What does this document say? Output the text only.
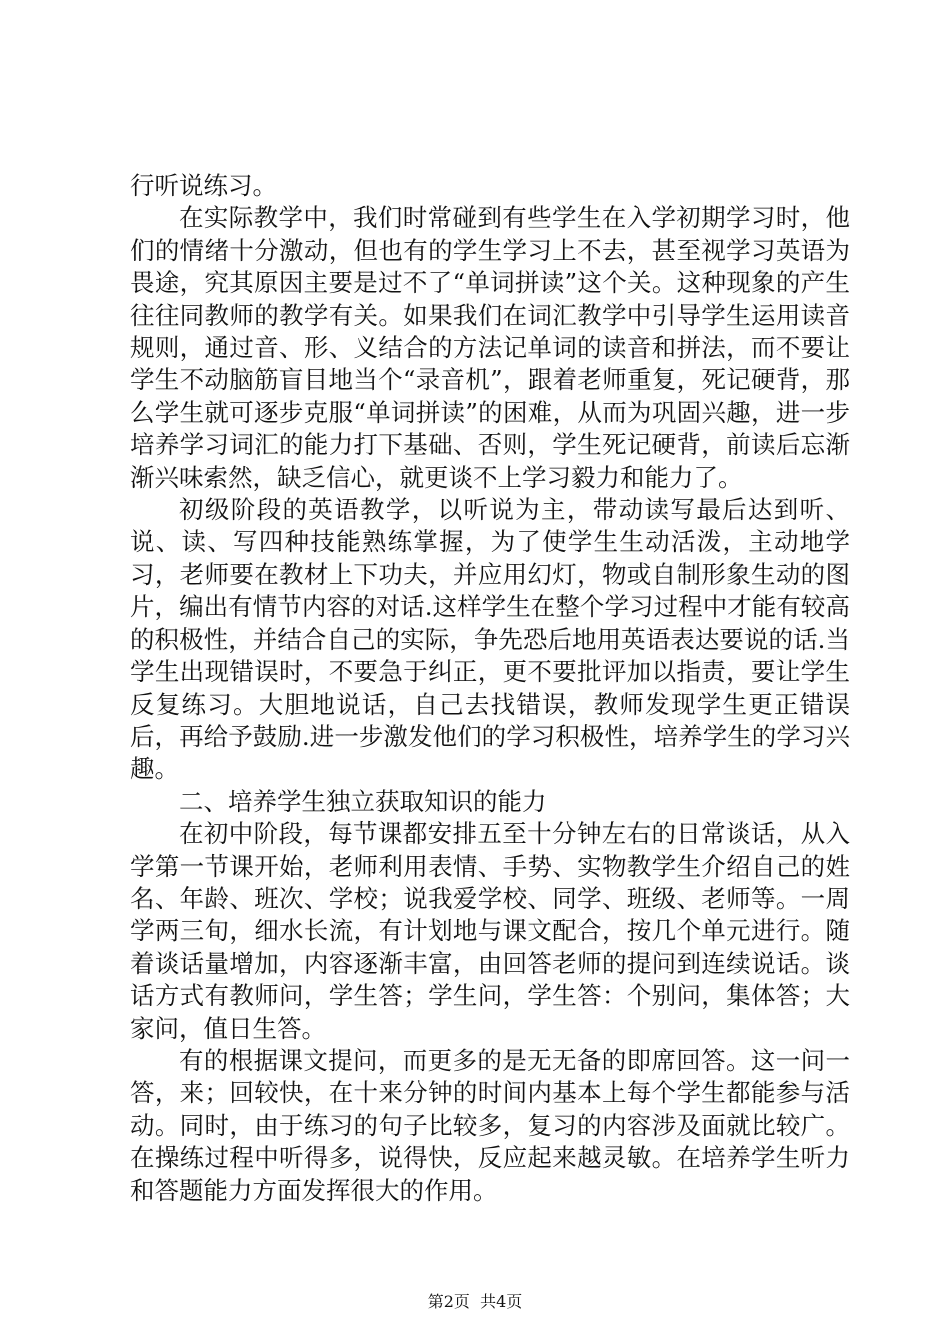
行听说练习。

在实际教学中，我们时常碰到有些学生在入学初期学习时，他们的情绪十分激动，但也有的学生学习上不去，甚至视学习英语为畏途，究其原因主要是过不了“单词拼读”这个关。这种现象的产生往往同教师的教学有关。如果我们在词汇教学中引导学生运用读音规则，通过音、形、义结合的方法记单词的读音和拼法，而不要让学生不动脑筋盲目地当个“录音机”，跟着老师重复，死记硬背，那么学生就可逐步克服“单词拼读”的困难，从而为巩固兴趣，进一步培养学习词汇的能力打下基础、否则，学生死记硬背，前读后忘渐渐兴味索然，缺乏信心，就更谈不上学习毅力和能力了。

初级阶段的英语教学，以听说为主，带动读写最后达到听、说、读、写四种技能熟练掌握，为了使学生生动活泼，主动地学习，老师要在教材上下功夫，并应用幻灯，物或自制形象生动的图片，编出有情节内容的对话.这样学生在整个学习过程中才能有较高的积极性，并结合自己的实际，争先恐后地用英语表达要说的话.当学生出现错误时，不要急于纠正，更不要批评加以指责，要让学生反复练习。大胆地说话，自己去找错误，教师发现学生更正错误后，再给予鼓励.进一步激发他们的学习积极性，培养学生的学习兴趣。

二、培养学生独立获取知识的能力

在初中阶段，每节课都安排五至十分钟左右的日常谈话，从入学第一节课开始，老师利用表情、手势、实物教学生介绍自己的姓名、年龄、班次、学校；说我爱学校、同学、班级、老师等。一周学两三旬，细水长流，有计划地与课文配合，按几个单元进行。随着谈话量增加，内容逐渐丰富，由回答老师的提问到连续说话。谈话方式有教师问，学生答；学生问，学生答：个别问，集体答；大家问，值日生答。

有的根据课文提问，而更多的是无无备的即席回答。这一问一答，来；回较快，在十来分钟的时间内基本上每个学生都能参与活动。同时，由于练习的句子比较多，复习的内容涉及面就比较广。在操练过程中听得多，说得快，反应起来越灵敏。在培养学生听力和答题能力方面发挥很大的作用。

第2页 共4页
